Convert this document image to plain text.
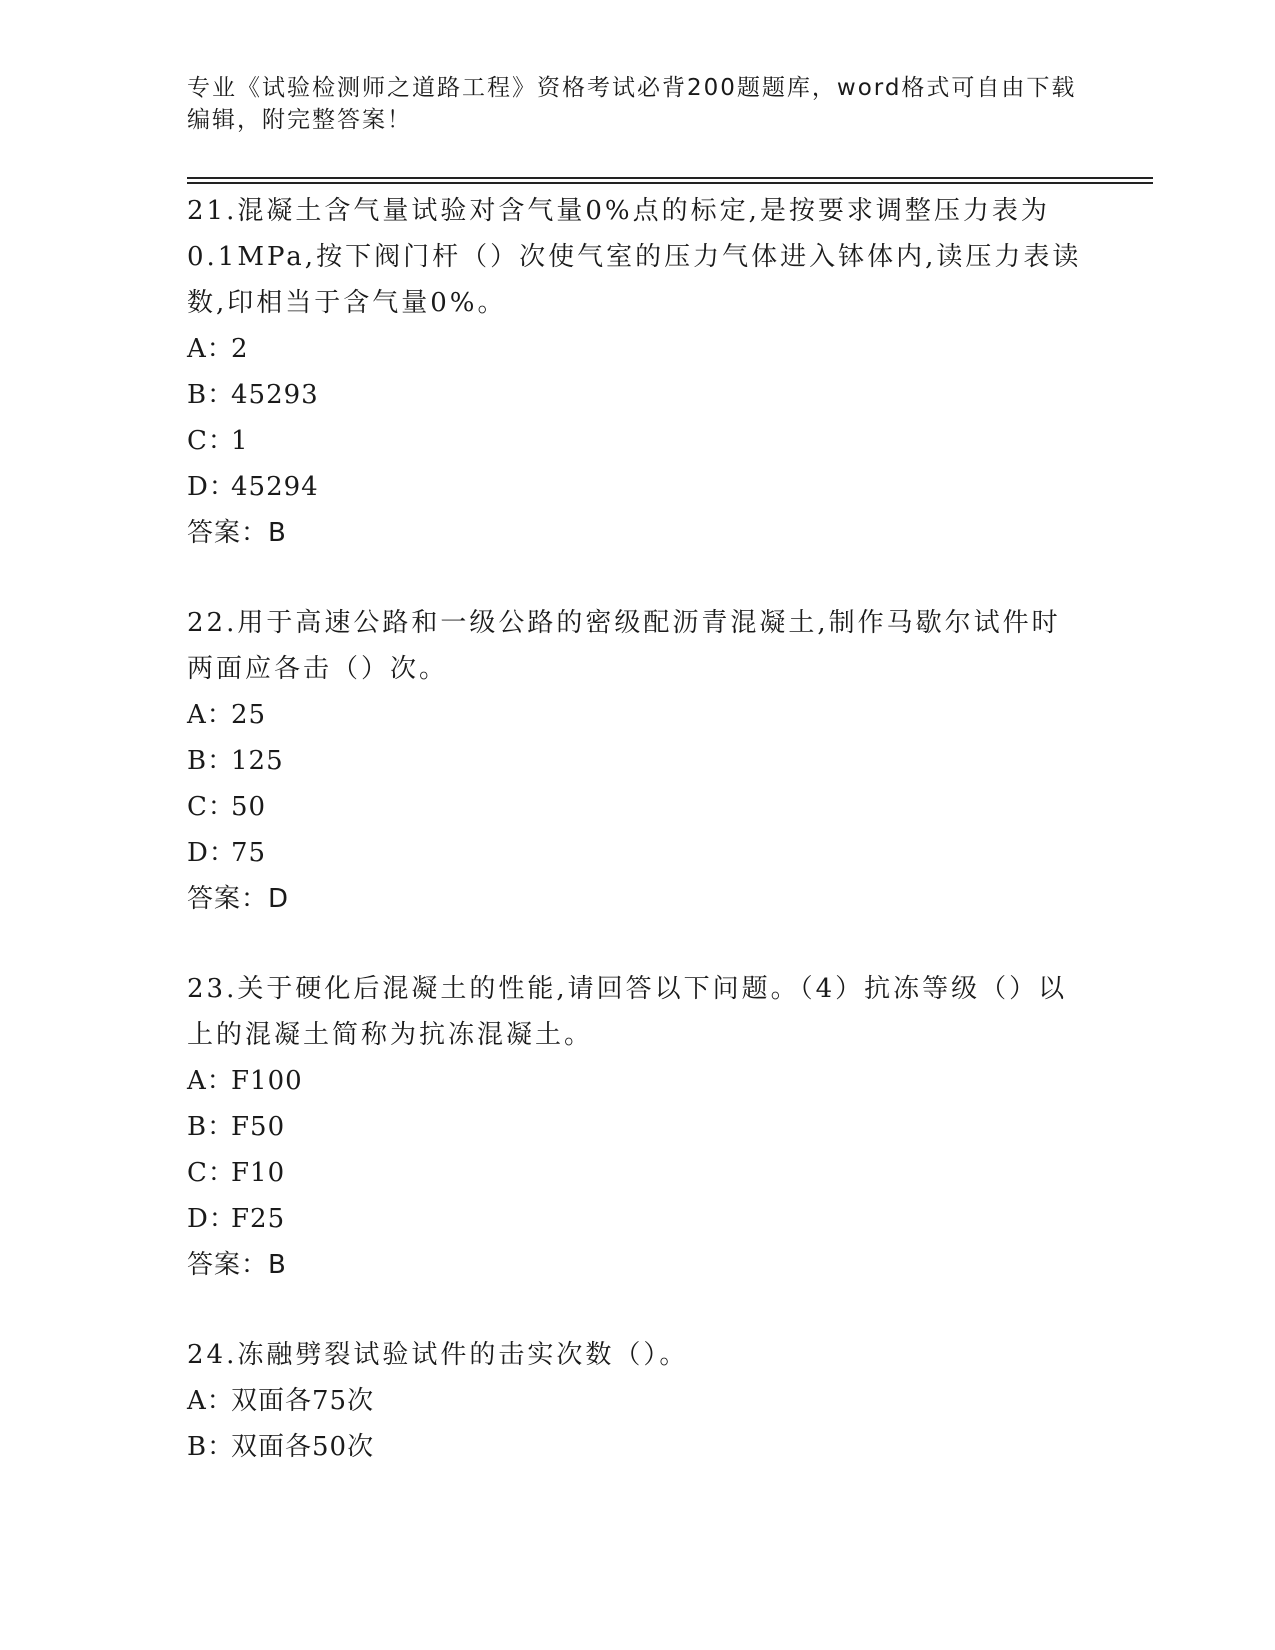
专业《试验检测师之道路工程》资格考试必背200题题库，word格式可自由下载
编辑，附完整答案！
21.混凝土含气量试验对含气量0%点的标定,是按要求调整压力表为0.1MPa,按下阀门杆（）次使气室的压力气体进入钵体内,读压力表读数,印相当于含气量0%。
A：2
B：45293
C：1
D：45294
答案：B
22.用于高速公路和一级公路的密级配沥青混凝土,制作马歇尔试件时两面应各击（）次。
A：25
B：125
C：50
D：75
答案：D
23.关于硬化后混凝土的性能,请回答以下问题。（4）抗冻等级（）以上的混凝土简称为抗冻混凝土。
A：F100
B：F50
C：F10
D：F25
答案：B
24.冻融劈裂试验试件的击实次数（）。
A：双面各75次
B：双面各50次
